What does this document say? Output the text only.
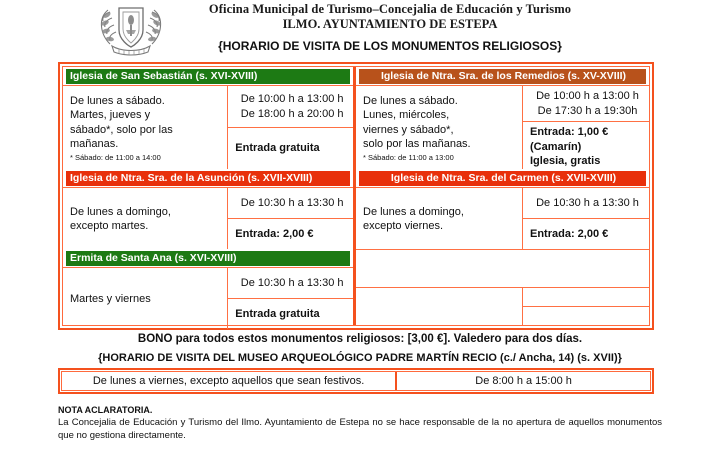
Oficina Municipal de Turismo–Concejalia de Educación y Turismo
ILMO. AYUNTAMIENTO DE ESTEPA
{HORARIO DE VISITA DE LOS MONUMENTOS RELIGIOSOS}
Iglesia de San Sebastián (s. XVI-XVIII)
De lunes a sábado.
Martes, jueves y
sábado*, solo por las
mañanas.
* Sábado: de 11:00 a 14:00
De 10:00 h a 13:00 h
De 18:00 h a 20:00 h
Entrada gratuita
Iglesia de Ntra. Sra. de la Asunción (s. XVII-XVIII)
De lunes a domingo,
excepto martes.
De 10:30 h a 13:30 h
Entrada: 2,00 €
Ermita de Santa Ana (s. XVI-XVIII)
Martes y viernes
De 10:30 h a 13:30 h
Entrada gratuita
Iglesia de Ntra. Sra. de los Remedios (s. XV-XVIII)
De lunes a sábado.
Lunes, miércoles,
viernes y sábado*,
solo por las mañanas.
* Sábado: de 11:00 a 13:00
De 10:00 h a 13:00 h
De 17:30 h a 19:30h
Entrada: 1,00 € (Camarín)
Iglesia, gratis
Iglesia de Ntra. Sra. del Carmen (s. XVII-XVIII)
De lunes a domingo,
excepto viernes.
De 10:30 h a 13:30 h
Entrada: 2,00 €
BONO para todos estos monumentos religiosos: [3,00 €]. Valedero para dos días.
{HORARIO DE VISITA DEL MUSEO ARQUEOLÓGICO PADRE MARTÍN RECIO (c./ Ancha, 14) (s. XVII)}
De lunes a viernes, excepto aquellos que sean festivos.	De 8:00 h a 15:00 h
NOTA ACLARATORIA.
La Concejalia de Educación y Turismo del Ilmo. Ayuntamiento de Estepa no se hace responsable de la no apertura de aquellos monumentos que no gestiona directamente.
